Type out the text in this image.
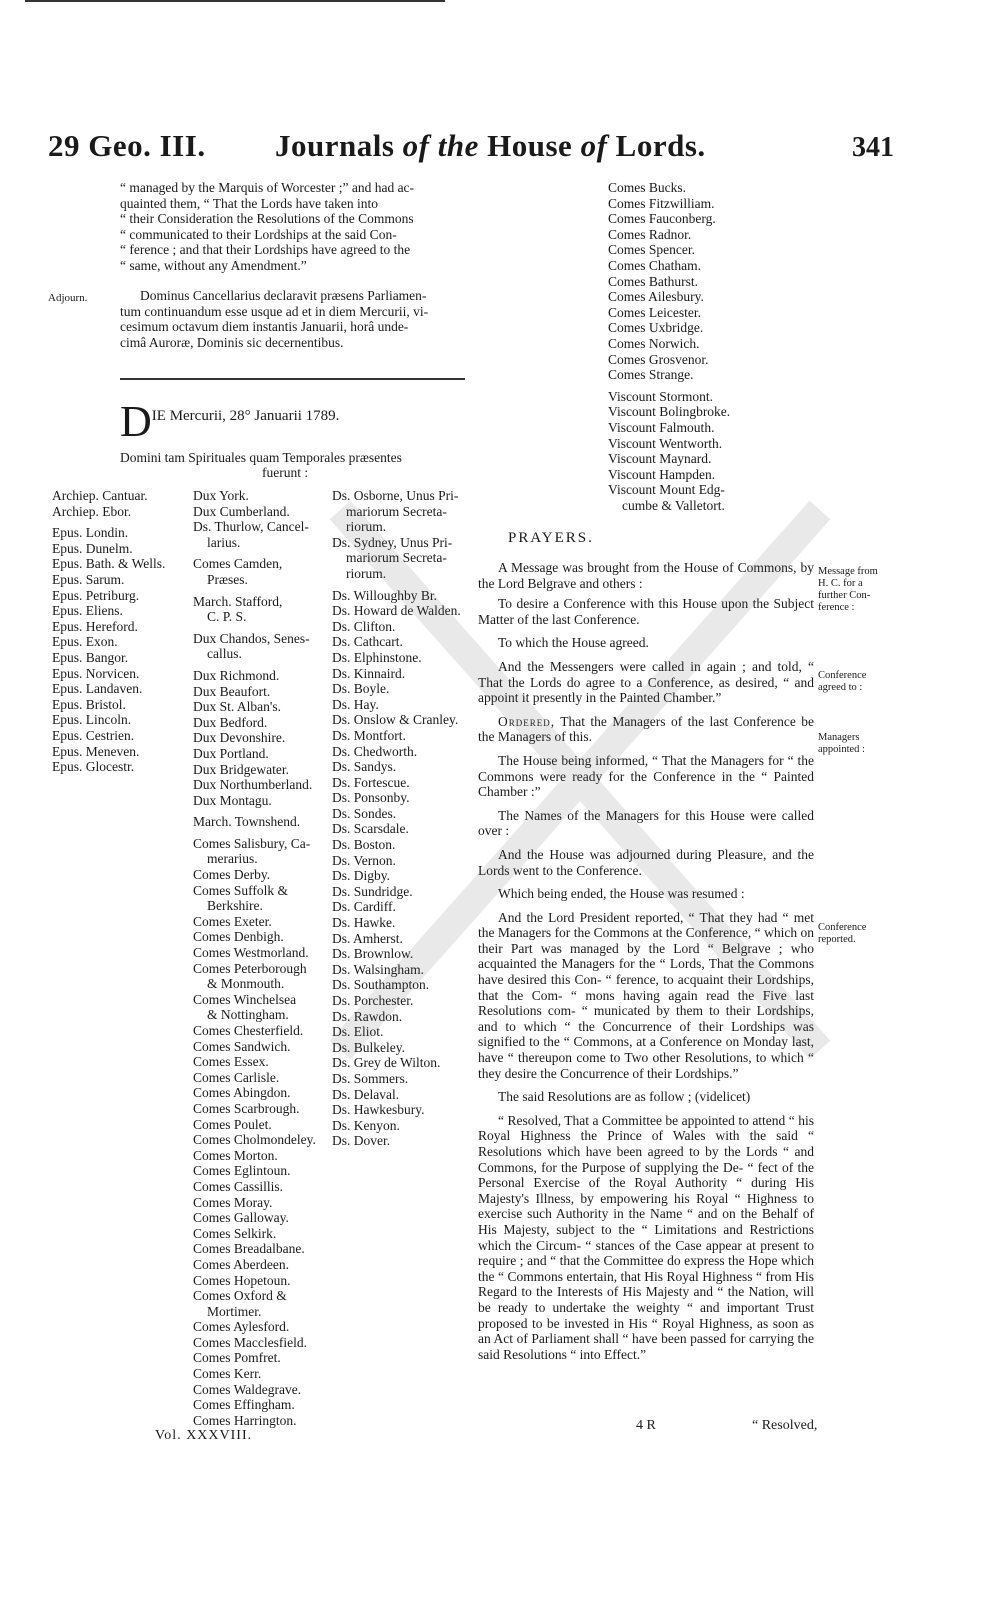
29 Geo. III. Journals of the House of Lords.	341

“ managed by the Marquis of Worcester ;” and had ac-

quainted them, “ That the Lords have taken into

“ their Consideration the Resolutions of the Commons

“ communicated to their Lordships at the said Con-

“ ference ; and that their Lordships have agreed to the

“ same, without any Amendment.”

Adjourn.	Dominus Cancellarius declaravit præsens Parliamen-

tum continuandum esse usque ad et in diem Mercurii, vi-

cesimum octavum diem instantis Januarii, horâ unde-

cimâ Auroræ, Dominis sic decernentibus.

DIE Mercurii, 28° Januarii 1789.
Domini tam Spirituales quam Temporales præsentes
fuerunt :
Archiep. Cantuar.
Archiep. Ebor.
Epus. Londin.
Epus. Dunelm.
Epus. Bath. & Wells.
Epus. Sarum.
Epus. Petriburg.
Epus. Eliens.
Epus. Hereford.
Epus. Exon.
Epus. Bangor.
Epus. Norvicen.
Epus. Landaven.
Epus. Bristol.
Epus. Lincoln.
Epus. Cestrien.
Epus. Meneven.
Epus. Glocestr.
Dux York.
Dux Cumberland.
Ds. Thurlow, Cancel-
larius.
Comes Camden,
Præses.
March. Stafford,
C. P. S.
Dux Chandos, Senes-
callus.
Dux Richmond.
Dux Beaufort.
Dux St. Alban's.
Dux Bedford.
Dux Devonshire.
Dux Portland.
Dux Bridgewater.
Dux Northumberland.
Dux Montagu.
March. Townshend.
Comes Salisbury, Ca-
merarius.
Comes Derby.
Comes Suffolk &
Berkshire.
Comes Exeter.
Comes Denbigh.
Comes Westmorland.
Comes Peterborough
& Monmouth.
Comes Winchelsea
& Nottingham.
Comes Chesterfield.
Comes Sandwich.
Comes Essex.
Comes Carlisle.
Comes Abingdon.
Comes Scarbrough.
Comes Poulet.
Comes Cholmondeley.
Comes Morton.
Comes Eglintoun.
Comes Cassillis.
Comes Moray.
Comes Galloway.
Comes Selkirk.
Comes Breadalbane.
Comes Aberdeen.
Comes Hopetoun.
Comes Oxford &
Mortimer.
Comes Aylesford.
Comes Macclesfield.
Comes Pomfret.
Comes Kerr.
Comes Waldegrave.
Comes Effingham.
Comes Harrington.
Ds. Osborne, Unus Pri-
mariorum Secreta-
riorum.
Ds. Sydney, Unus Pri-
mariorum Secreta-
riorum.
Ds. Willoughby Br.
Ds. Howard de Walden.
Ds. Clifton.
Ds. Cathcart.
Ds. Elphinstone.
Ds. Kinnaird.
Ds. Boyle.
Ds. Hay.
Ds. Onslow & Cranley.
Ds. Montfort.
Ds. Chedworth.
Ds. Sandys.
Ds. Fortescue.
Ds. Ponsonby.
Ds. Sondes.
Ds. Scarsdale.
Ds. Boston.
Ds. Vernon.
Ds. Digby.
Ds. Sundridge.
Ds. Cardiff.
Ds. Hawke.
Ds. Amherst.
Ds. Brownlow.
Ds. Walsingham.
Ds. Southampton.
Ds. Porchester.
Ds. Rawdon.
Ds. Eliot.
Ds. Bulkeley.
Ds. Grey de Wilton.
Ds. Sommers.
Ds. Delaval.
Ds. Hawkesbury.
Ds. Kenyon.
Ds. Dover.
Comes Bucks.
Comes Fitzwilliam.
Comes Fauconberg.
Comes Radnor.
Comes Spencer.
Comes Chatham.
Comes Bathurst.
Comes Ailesbury.
Comes Leicester.
Comes Uxbridge.
Comes Norwich.
Comes Grosvenor.
Comes Strange.
Viscount Stormont.
Viscount Bolingbroke.
Viscount Falmouth.
Viscount Wentworth.
Viscount Maynard.
Viscount Hampden.
Viscount Mount Edg-
cumbe & Valletort.
PRAYERS.
Message from H. C. for a further Con- ference :
Conference agreed to :
Managers appointed :
Conference reported.

A Message was brought from the House of Commons, by the Lord Belgrave and others :

To desire a Conference with this House upon the Subject Matter of the last Conference.

To which the House agreed.

And the Messengers were called in again ; and told, “ That the Lords do agree to a Conference, as desired, “ and appoint it presently in the Painted Chamber.”

Ordered, That the Managers of the last Conference be the Managers of this.

The House being informed, “ That the Managers for “ the Commons were ready for the Conference in the “ Painted Chamber :”

The Names of the Managers for this House were called over :

And the House was adjourned during Pleasure, and the Lords went to the Conference.

Which being ended, the House was resumed :

And the Lord President reported, “ That they had “ met the Managers for the Commons at the Conference, “ which on their Part was managed by the Lord “ Belgrave ; who acquainted the Managers for the “ Lords, That the Commons have desired this Con- “ ference, to acquaint their Lordships, that the Com- “ mons having again read the Five last Resolutions com- “ municated by them to their Lordships, and to which “ the Concurrence of their Lordships was signified to the “ Commons, at a Conference on Monday last, have “ thereupon come to Two other Resolutions, to which “ they desire the Concurrence of their Lordships.”

The said Resolutions are as follow ; (videlicet)

“ Resolved, That a Committee be appointed to attend “ his Royal Highness the Prince of Wales with the said “ Resolutions which have been agreed to by the Lords “ and Commons, for the Purpose of supplying the De- “ fect of the Personal Exercise of the Royal Authority “ during His Majesty's Illness, by empowering his Royal “ Highness to exercise such Authority in the Name “ and on the Behalf of His Majesty, subject to the “ Limitations and Restrictions which the Circum- “ stances of the Case appear at present to require ; and “ that the Committee do express the Hope which the “ Commons entertain, that His Royal Highness “ from His Regard to the Interests of His Majesty and “ the Nation, will be ready to undertake the weighty “ and important Trust proposed to be invested in His “ Royal Highness, as soon as an Act of Parliament shall “ have been passed for carrying the said Resolutions “ into Effect.”

Vol. XXXVIII.
4 R	“ Resolved,
